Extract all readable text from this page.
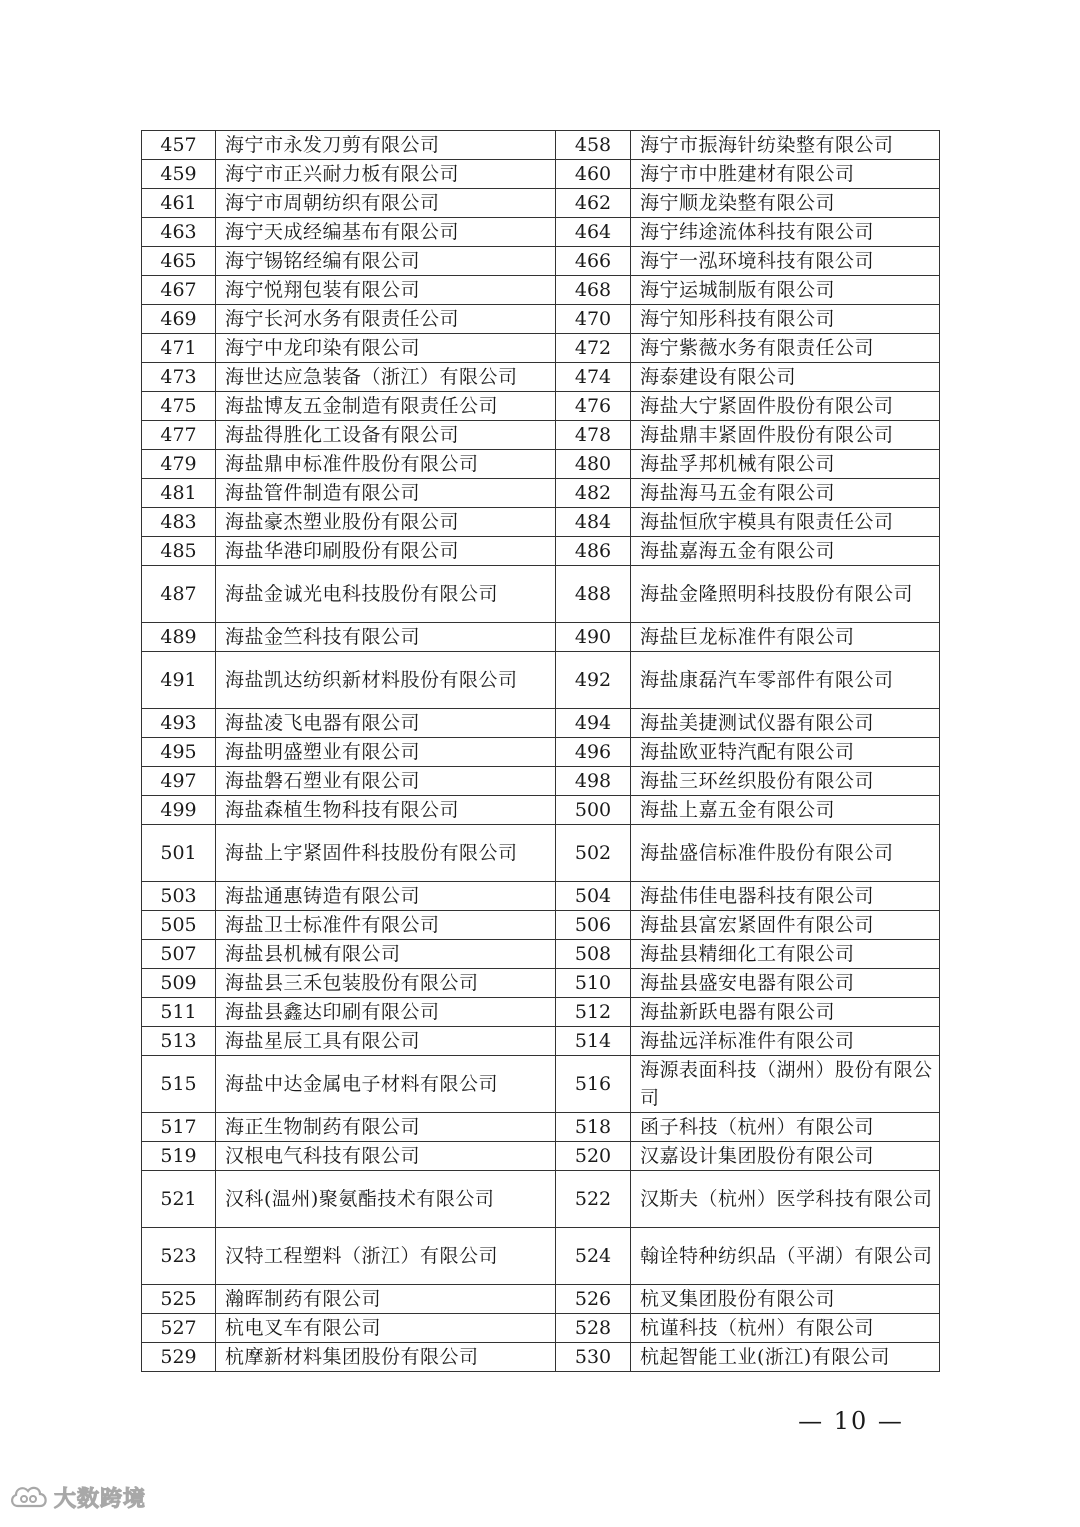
457	海宁市永发刀剪有限公司	458	海宁市振海针纺染整有限公司
459	海宁市正兴耐力板有限公司	460	海宁市中胜建材有限公司
461	海宁市周朝纺织有限公司	462	海宁顺龙染整有限公司
463	海宁天成经编基布有限公司	464	海宁纬途流体科技有限公司
465	海宁锡铭经编有限公司	466	海宁一泓环境科技有限公司
467	海宁悦翔包装有限公司	468	海宁运城制版有限公司
469	海宁长河水务有限责任公司	470	海宁知彤科技有限公司
471	海宁中龙印染有限公司	472	海宁紫薇水务有限责任公司
473	海世达应急装备（浙江）有限公司	474	海泰建设有限公司
475	海盐博友五金制造有限责任公司	476	海盐大宁紧固件股份有限公司
477	海盐得胜化工设备有限公司	478	海盐鼎丰紧固件股份有限公司
479	海盐鼎申标准件股份有限公司	480	海盐孚邦机械有限公司
481	海盐管件制造有限公司	482	海盐海马五金有限公司
483	海盐豪杰塑业股份有限公司	484	海盐恒欣宇模具有限责任公司
485	海盐华港印刷股份有限公司	486	海盐嘉海五金有限公司
487	海盐金诚光电科技股份有限公司	488	海盐金隆照明科技股份有限公司
489	海盐金竺科技有限公司	490	海盐巨龙标准件有限公司
491	海盐凯达纺织新材料股份有限公司	492	海盐康磊汽车零部件有限公司
493	海盐凌飞电器有限公司	494	海盐美捷测试仪器有限公司
495	海盐明盛塑业有限公司	496	海盐欧亚特汽配有限公司
497	海盐磐石塑业有限公司	498	海盐三环丝织股份有限公司
499	海盐森植生物科技有限公司	500	海盐上嘉五金有限公司
501	海盐上宇紧固件科技股份有限公司	502	海盐盛信标准件股份有限公司
503	海盐通惠铸造有限公司	504	海盐伟佳电器科技有限公司
505	海盐卫士标准件有限公司	506	海盐县富宏紧固件有限公司
507	海盐县机械有限公司	508	海盐县精细化工有限公司
509	海盐县三禾包装股份有限公司	510	海盐县盛安电器有限公司
511	海盐县鑫达印刷有限公司	512	海盐新跃电器有限公司
513	海盐星辰工具有限公司	514	海盐远洋标准件有限公司
515	海盐中达金属电子材料有限公司	516	海源表面科技（湖州）股份有限公司
517	海正生物制药有限公司	518	函子科技（杭州）有限公司
519	汉根电气科技有限公司	520	汉嘉设计集团股份有限公司
521	汉科(温州)聚氨酯技术有限公司	522	汉斯夫（杭州）医学科技有限公司
523	汉特工程塑料（浙江）有限公司	524	翰诠特种纺织品（平湖）有限公司
525	瀚晖制药有限公司	526	杭叉集团股份有限公司
527	杭电叉车有限公司	528	杭谨科技（杭州）有限公司
529	杭摩新材料集团股份有限公司	530	杭起智能工业(浙江)有限公司
— 10 —
大数跨境
